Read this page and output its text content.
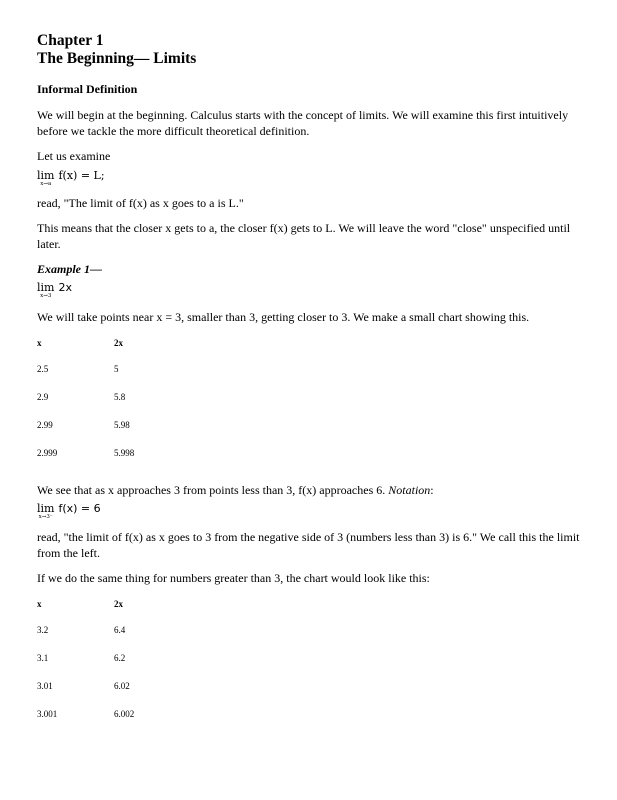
Chapter 1
The Beginning— Limits
Informal Definition

We will begin at the beginning. Calculus starts with the concept of limits. We will examine this first intuitively before we tackle the more difficult theoretical definition.

Let us examine

lim
x→a
f(x) = L;

read, "The limit of f(x) as x goes to a is L."

This means that the closer x gets to a, the closer f(x) gets to L. We will leave the word "close" unspecified until later.

Example 1—

lim
x→3
2x

We will take points near x = 3, smaller than 3, getting closer to 3. We make a small chart showing this.

x	2x
2.5	5
2.9	5.8
2.99	5.98
2.999	5.998

We see that as x approaches 3 from points less than 3, f(x) approaches 6. Notation:

lim
x→3⁻
f(x) = 6

read, "the limit of f(x) as x goes to 3 from the negative side of 3 (numbers less than 3) is 6." We call this the limit from the left.

If we do the same thing for numbers greater than 3, the chart would look like this:

x	2x
3.2	6.4
3.1	6.2
3.01	6.02
3.001	6.002
